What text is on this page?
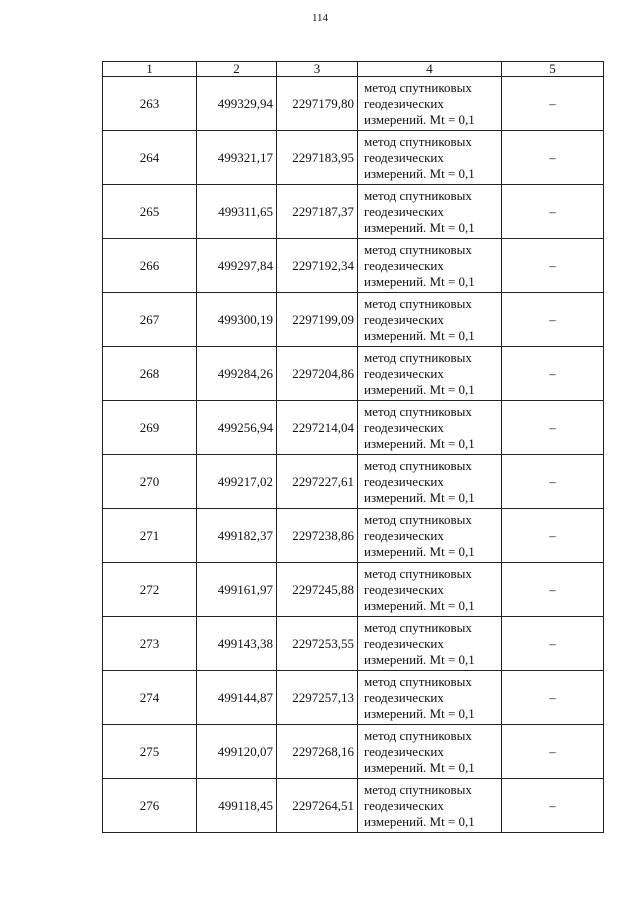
114
1	2	3	4	5
263	499329,94	2297179,80	метод спутниковых
геодезических
измерений. Mt = 0,1	–
264	499321,17	2297183,95	метод спутниковых
геодезических
измерений. Mt = 0,1	–
265	499311,65	2297187,37	метод спутниковых
геодезических
измерений. Mt = 0,1	–
266	499297,84	2297192,34	метод спутниковых
геодезических
измерений. Mt = 0,1	–
267	499300,19	2297199,09	метод спутниковых
геодезических
измерений. Mt = 0,1	–
268	499284,26	2297204,86	метод спутниковых
геодезических
измерений. Mt = 0,1	–
269	499256,94	2297214,04	метод спутниковых
геодезических
измерений. Mt = 0,1	–
270	499217,02	2297227,61	метод спутниковых
геодезических
измерений. Mt = 0,1	–
271	499182,37	2297238,86	метод спутниковых
геодезических
измерений. Mt = 0,1	–
272	499161,97	2297245,88	метод спутниковых
геодезических
измерений. Mt = 0,1	–
273	499143,38	2297253,55	метод спутниковых
геодезических
измерений. Mt = 0,1	–
274	499144,87	2297257,13	метод спутниковых
геодезических
измерений. Mt = 0,1	–
275	499120,07	2297268,16	метод спутниковых
геодезических
измерений. Mt = 0,1	–
276	499118,45	2297264,51	метод спутниковых
геодезических
измерений. Mt = 0,1	–
